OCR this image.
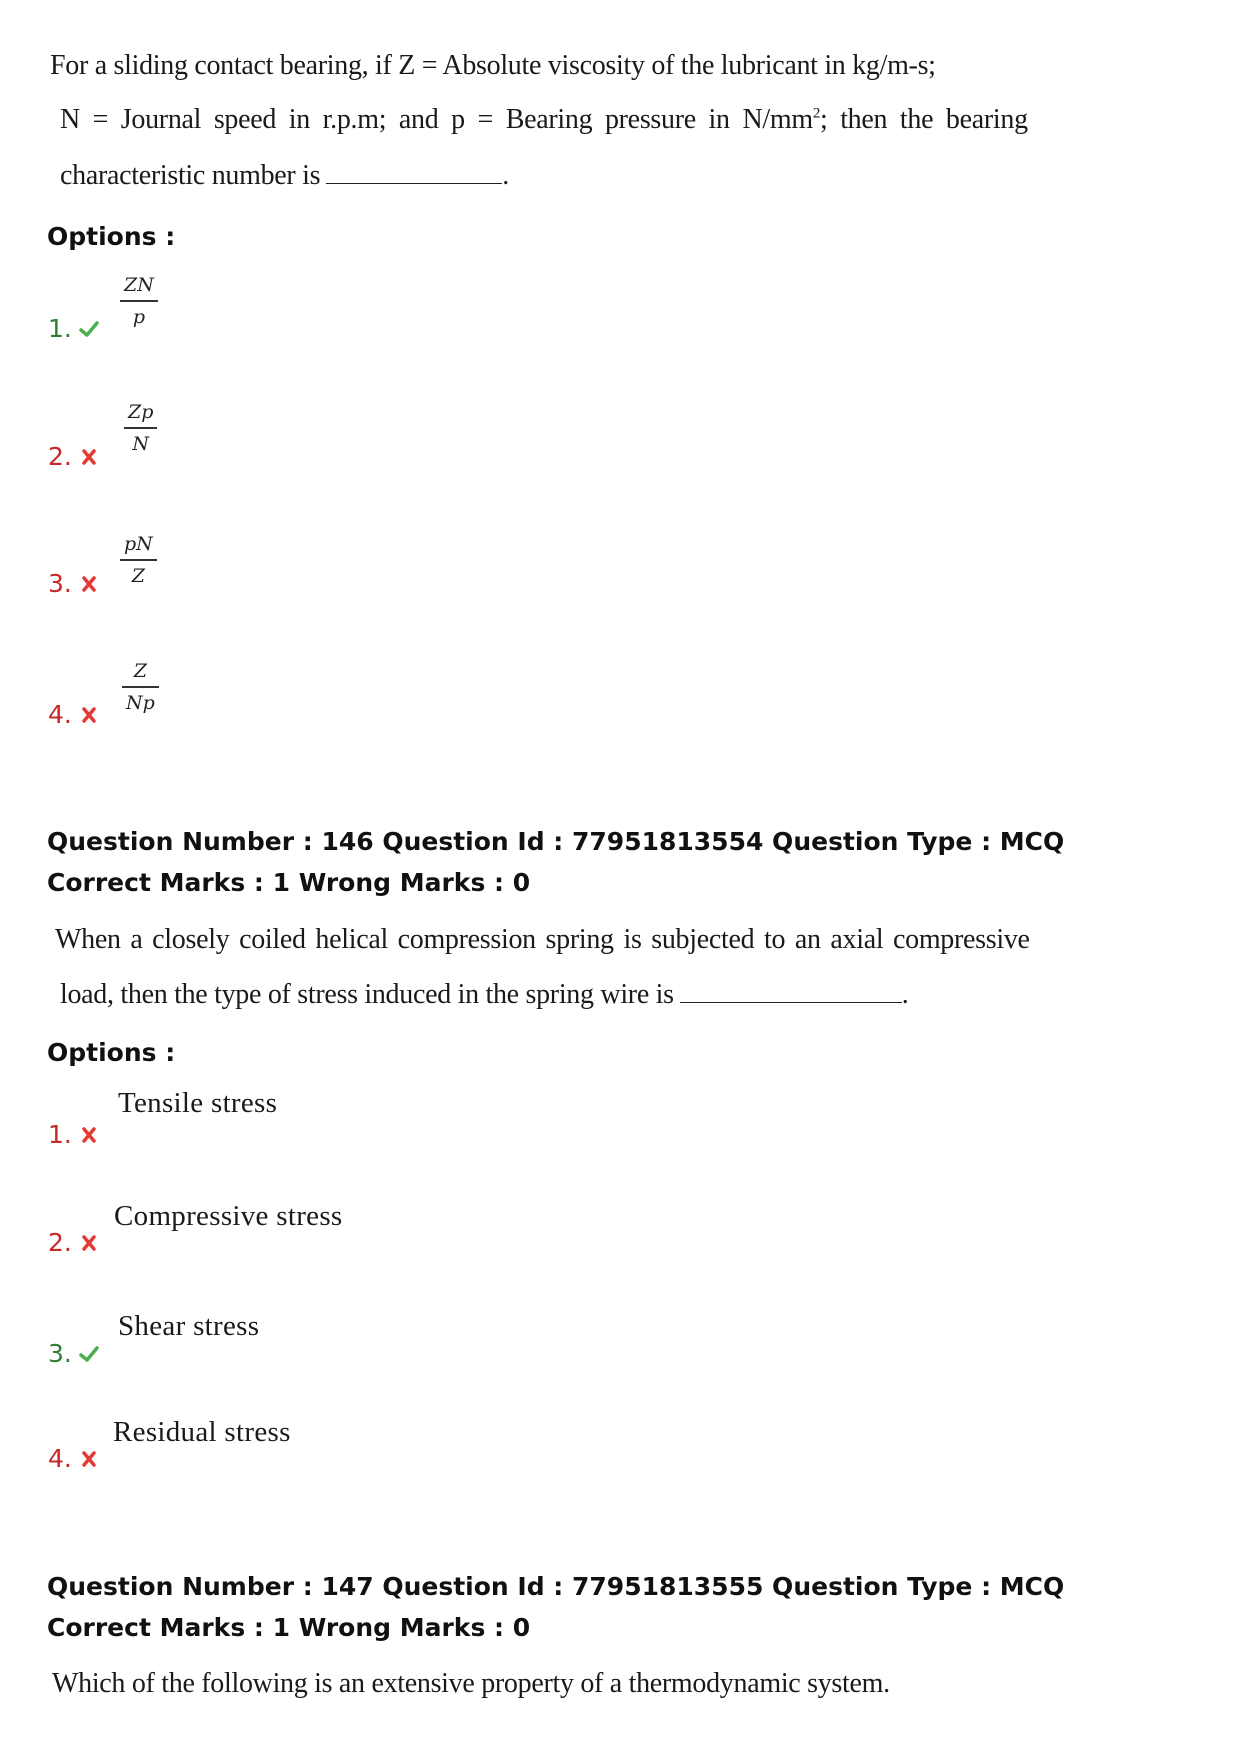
For a sliding contact bearing, if Z = Absolute viscosity of the lubricant in kg/m-s;
N = Journal speed in r.p.m; and p = Bearing pressure in $N/mm^2$; then the bearing
characteristic number is	.
Options :
1.
ZN
p
2.
Zp
N
3.
pN
Z
4.
Z
Np
Question Number : 146 Question Id : 77951813554 Question Type : MCQ
Correct Marks : 1 Wrong Marks : 0
When a closely coiled helical compression spring is subjected to an axial compressive
load, then the type of stress induced in the spring wire is	.
Options :
1.
Tensile stress
2.
Compressive stress
3.
Shear stress
4.
Residual stress
Question Number : 147 Question Id : 77951813555 Question Type : MCQ
Correct Marks : 1 Wrong Marks : 0
Which of the following is an extensive property of a thermodynamic system.
